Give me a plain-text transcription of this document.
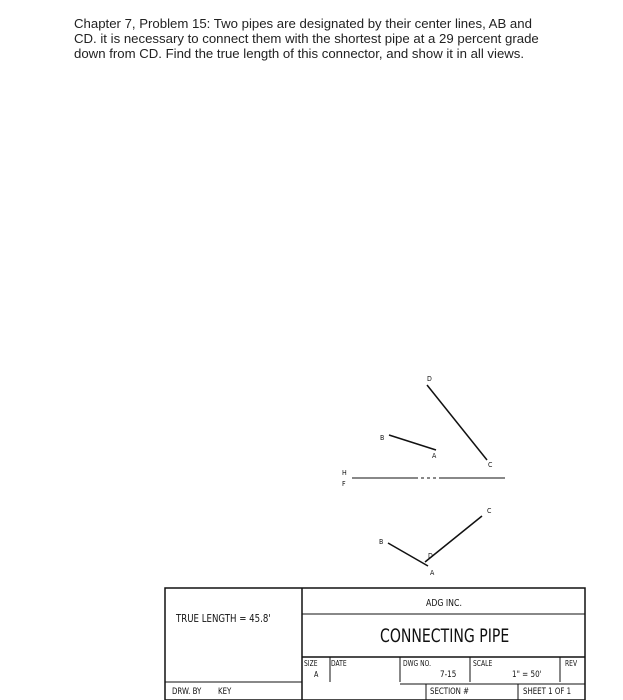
Chapter 7, Problem 15: Two pipes are designated by their center lines, AB and CD. it is necessary to connect them with the shortest pipe at a 29 percent grade down from CD. Find the true length of this connector, and show it in all views.
D
B
A
C
H
F
C
B
D
A
TRUE LENGTH = 45.8'
ADG INC.
CONNECTING PIPE
SIZE
A
DATE	DWG NO.
7-15
SCALE
1" = 50'
REV
SECTION #	SHEET 1 OF 1
DRW. BY KEY
